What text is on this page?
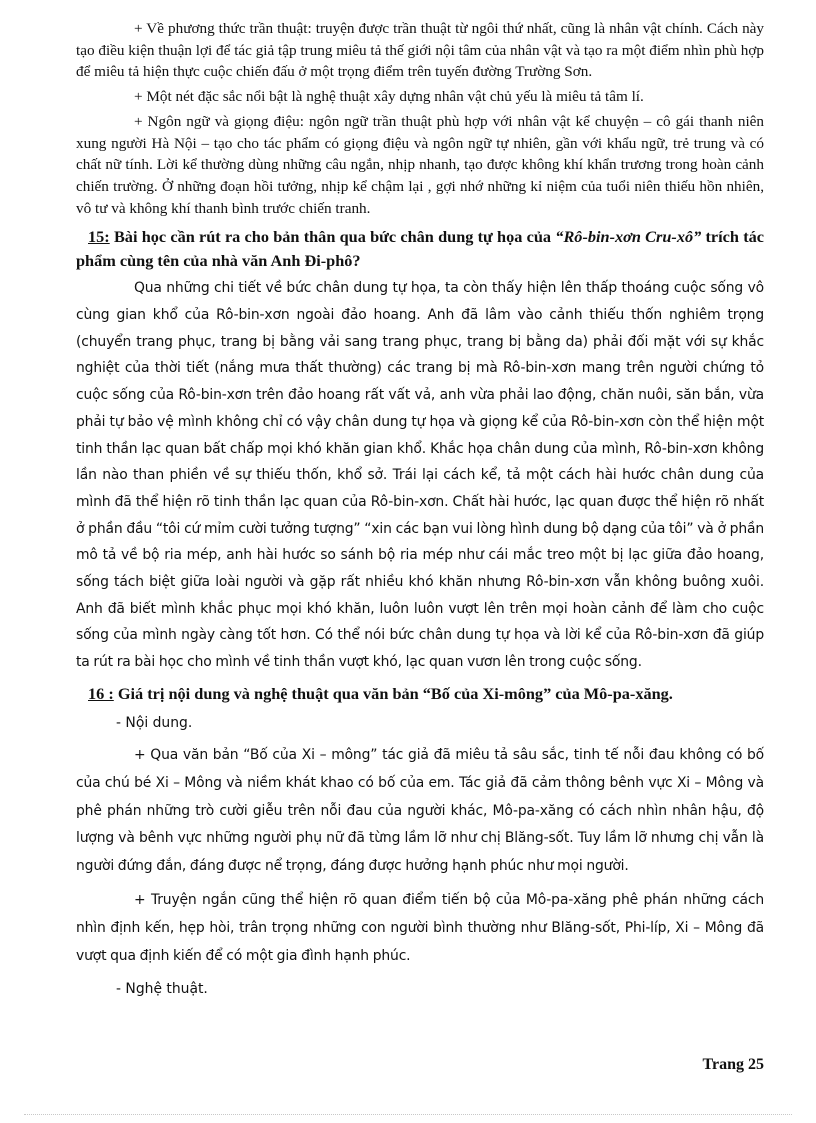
+ Về phương thức trần thuật: truyện được trần thuật từ ngôi thứ nhất, cũng là nhân vật chính. Cách này tạo điều kiện thuận lợi để tác giả tập trung miêu tả thế giới nội tâm của nhân vật và tạo ra một điểm nhìn phù hợp để miêu tả hiện thực cuộc chiến đấu ở một trọng điểm trên tuyến đường Trường Sơn.

+ Một nét đặc sắc nổi bật là nghệ thuật xây dựng nhân vật chủ yếu là miêu tả tâm lí.

+ Ngôn ngữ và giọng điệu: ngôn ngữ trần thuật phù hợp với nhân vật kể chuyện – cô gái thanh niên xung người Hà Nội – tạo cho tác phẩm có giọng điệu và ngôn ngữ tự nhiên, gần với khẩu ngữ, trẻ trung và có chất nữ tính. Lời kể thường dùng những câu ngắn, nhịp nhanh, tạo được không khí khẩn trương trong hoàn cảnh chiến trường. Ở những đoạn hồi tưởng, nhịp kể chậm lại , gợi nhớ những kỉ niệm của tuổi niên thiếu hồn nhiên, vô tư và không khí thanh bình trước chiến tranh.

15: Bài học cần rút ra cho bản thân qua bức chân dung tự họa của “Rô-bin-xơn Cru-xô” trích tác phẩm cùng tên của nhà văn Anh Đi-phô?

Qua những chi tiết về bức chân dung tự họa, ta còn thấy hiện lên thấp thoáng cuộc sống vô cùng gian khổ của Rô-bin-xơn ngoài đảo hoang. Anh đã lâm vào cảnh thiếu thốn nghiêm trọng (chuyển trang phục, trang bị bằng vải sang trang phục, trang bị bằng da) phải đối mặt với sự khắc nghiệt của thời tiết (nắng mưa thất thường) các trang bị mà Rô-bin-xơn mang trên người chứng tỏ cuộc sống của Rô-bin-xơn trên đảo hoang rất vất vả, anh vừa phải lao động, chăn nuôi, săn bắn, vừa phải tự bảo vệ mình không chỉ có vậy chân dung tự họa và giọng kể của Rô-bin-xơn còn thể hiện một tinh thần lạc quan bất chấp mọi khó khăn gian khổ. Khắc họa chân dung của mình, Rô-bin-xơn không lần nào than phiền về sự thiếu thốn, khổ sở. Trái lại cách kể, tả một cách hài hước chân dung của mình đã thể hiện rõ tinh thần lạc quan của Rô-bin-xơn. Chất hài hước, lạc quan được thể hiện rõ nhất ở phần đầu “tôi cứ mỉm cười tưởng tượng” “xin các bạn vui lòng hình dung bộ dạng của tôi” và ở phần mô tả về bộ ria mép, anh hài hước so sánh bộ ria mép như cái mắc treo một bị lạc giữa đảo hoang, sống tách biệt giữa loài người và gặp rất nhiều khó khăn nhưng Rô-bin-xơn vẫn không buông xuôi. Anh đã biết mình khắc phục mọi khó khăn, luôn luôn vượt lên trên mọi hoàn cảnh để làm cho cuộc sống của mình ngày càng tốt hơn. Có thể nói bức chân dung tự họa và lời kể của Rô-bin-xơn đã giúp ta rút ra bài học cho mình về tinh thần vượt khó, lạc quan vươn lên trong cuộc sống.

16 : Giá trị nội dung và nghệ thuật qua văn bản “Bố của Xi-mông” của Mô-pa-xăng.

- Nội dung.

+ Qua văn bản “Bố của Xi – mông” tác giả đã miêu tả sâu sắc, tinh tế nỗi đau không có bố của chú bé Xi – Mông và niềm khát khao có bố của em. Tác giả đã cảm thông bênh vực Xi – Mông và phê phán những trò cười giễu trên nỗi đau của người khác, Mô-pa-xăng có cách nhìn nhân hậu, độ lượng và bênh vực những người phụ nữ đã từng lầm lỡ như chị Blăng-sốt. Tuy lầm lỡ nhưng chị vẫn là người đứng đắn, đáng được nể trọng, đáng được hưởng hạnh phúc như mọi người.

+ Truyện ngắn cũng thể hiện rõ quan điểm tiến bộ của Mô-pa-xăng phê phán những cách nhìn định kến, hẹp hòi, trân trọng những con người bình thường như Blăng-sốt, Phi-líp, Xi – Mông đã vượt qua định kiến để có một gia đình hạnh phúc.

- Nghệ thuật.

Trang 25
